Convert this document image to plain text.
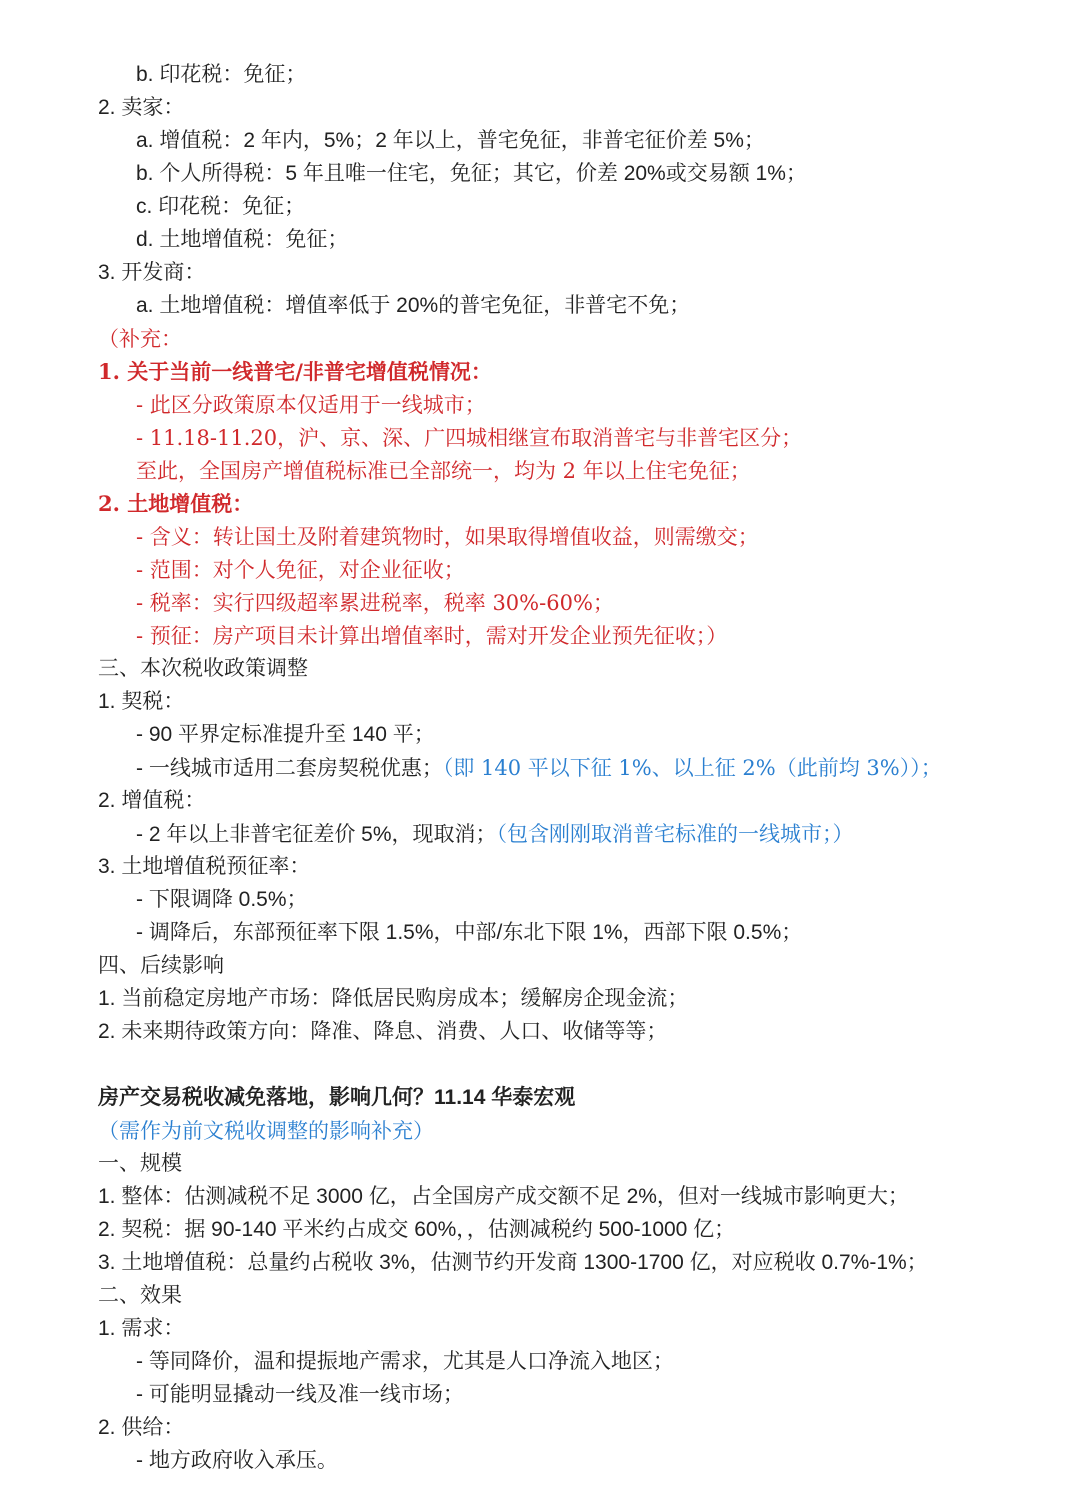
b. 印花税：免征；
2. 卖家：
a. 增值税：2 年内，5%；2 年以上，普宅免征，非普宅征价差 5%；
b. 个人所得税：5 年且唯一住宅，免征；其它，价差 20%或交易额 1%；
c. 印花税：免征；
d. 土地增值税：免征；
3. 开发商：
a. 土地增值税：增值率低于 20%的普宅免征，非普宅不免；
（补充：
1. 关于当前一线普宅/非普宅增值税情况：
- 此区分政策原本仅适用于一线城市；
- 11.18-11.20，沪、京、深、广四城相继宣布取消普宅与非普宅区分；
至此，全国房产增值税标准已全部统一，均为 2 年以上住宅免征；
2. 土地增值税：
- 含义：转让国土及附着建筑物时，如果取得增值收益，则需缴交；
- 范围：对个人免征，对企业征收；
- 税率：实行四级超率累进税率，税率 30%-60%；
- 预征：房产项目未计算出增值率时，需对开发企业预先征收；）
三、本次税收政策调整
1. 契税：
- 90 平界定标准提升至 140 平；
- 一线城市适用二套房契税优惠；（即 140 平以下征 1%、以上征 2%（此前均 3%））；
2. 增值税：
- 2 年以上非普宅征差价 5%，现取消；（包含刚刚取消普宅标准的一线城市；）
3. 土地增值税预征率：
- 下限调降 0.5%；
- 调降后，东部预征率下限 1.5%，中部/东北下限 1%，西部下限 0.5%；
四、后续影响
1. 当前稳定房地产市场：降低居民购房成本；缓解房企现金流；
2. 未来期待政策方向：降准、降息、消费、人口、收储等等；
房产交易税收减免落地，影响几何？11.14 华泰宏观
（需作为前文税收调整的影响补充）
一、规模
1. 整体：估测减税不足 3000 亿，占全国房产成交额不足 2%，但对一线城市影响更大；
2. 契税：据 90-140 平米约占成交 60%，，估测减税约 500-1000 亿；
3. 土地增值税：总量约占税收 3%，估测节约开发商 1300-1700 亿，对应税收 0.7%-1%；
二、效果
1. 需求：
- 等同降价，温和提振地产需求，尤其是人口净流入地区；
- 可能明显撬动一线及准一线市场；
2. 供给：
- 地方政府收入承压。
